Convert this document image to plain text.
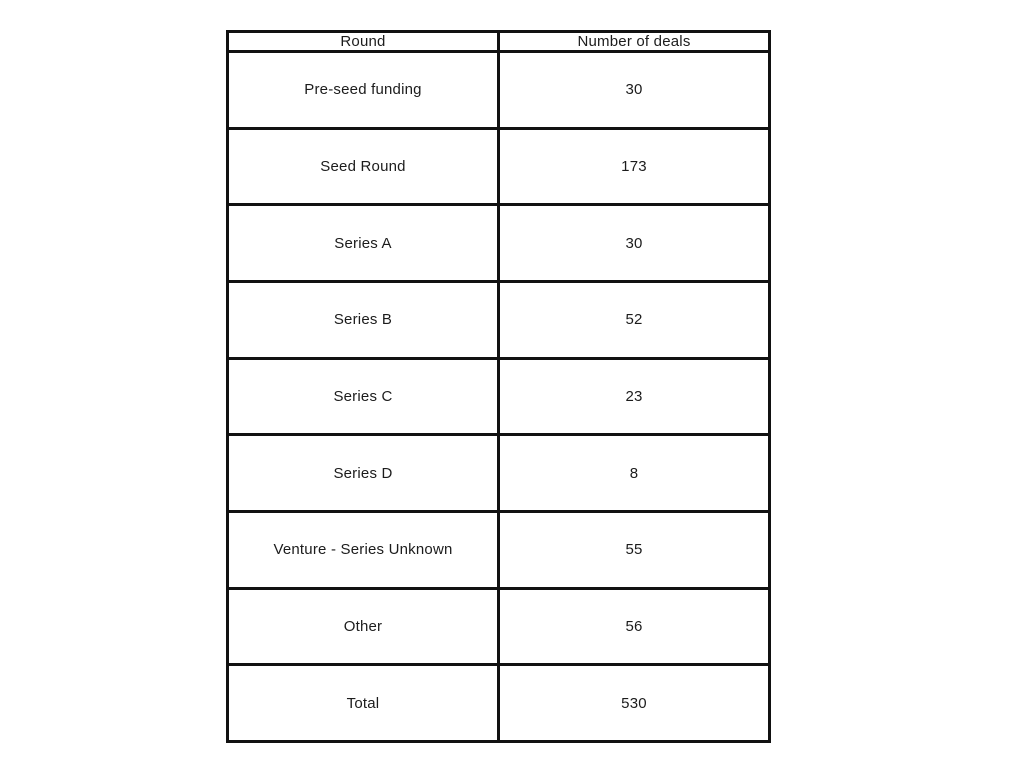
Round	Number of deals
Pre-seed funding	30
Seed Round	173
Series A	30
Series B	52
Series C	23
Series D	8
Venture - Series Unknown	55
Other	56
Total	530
